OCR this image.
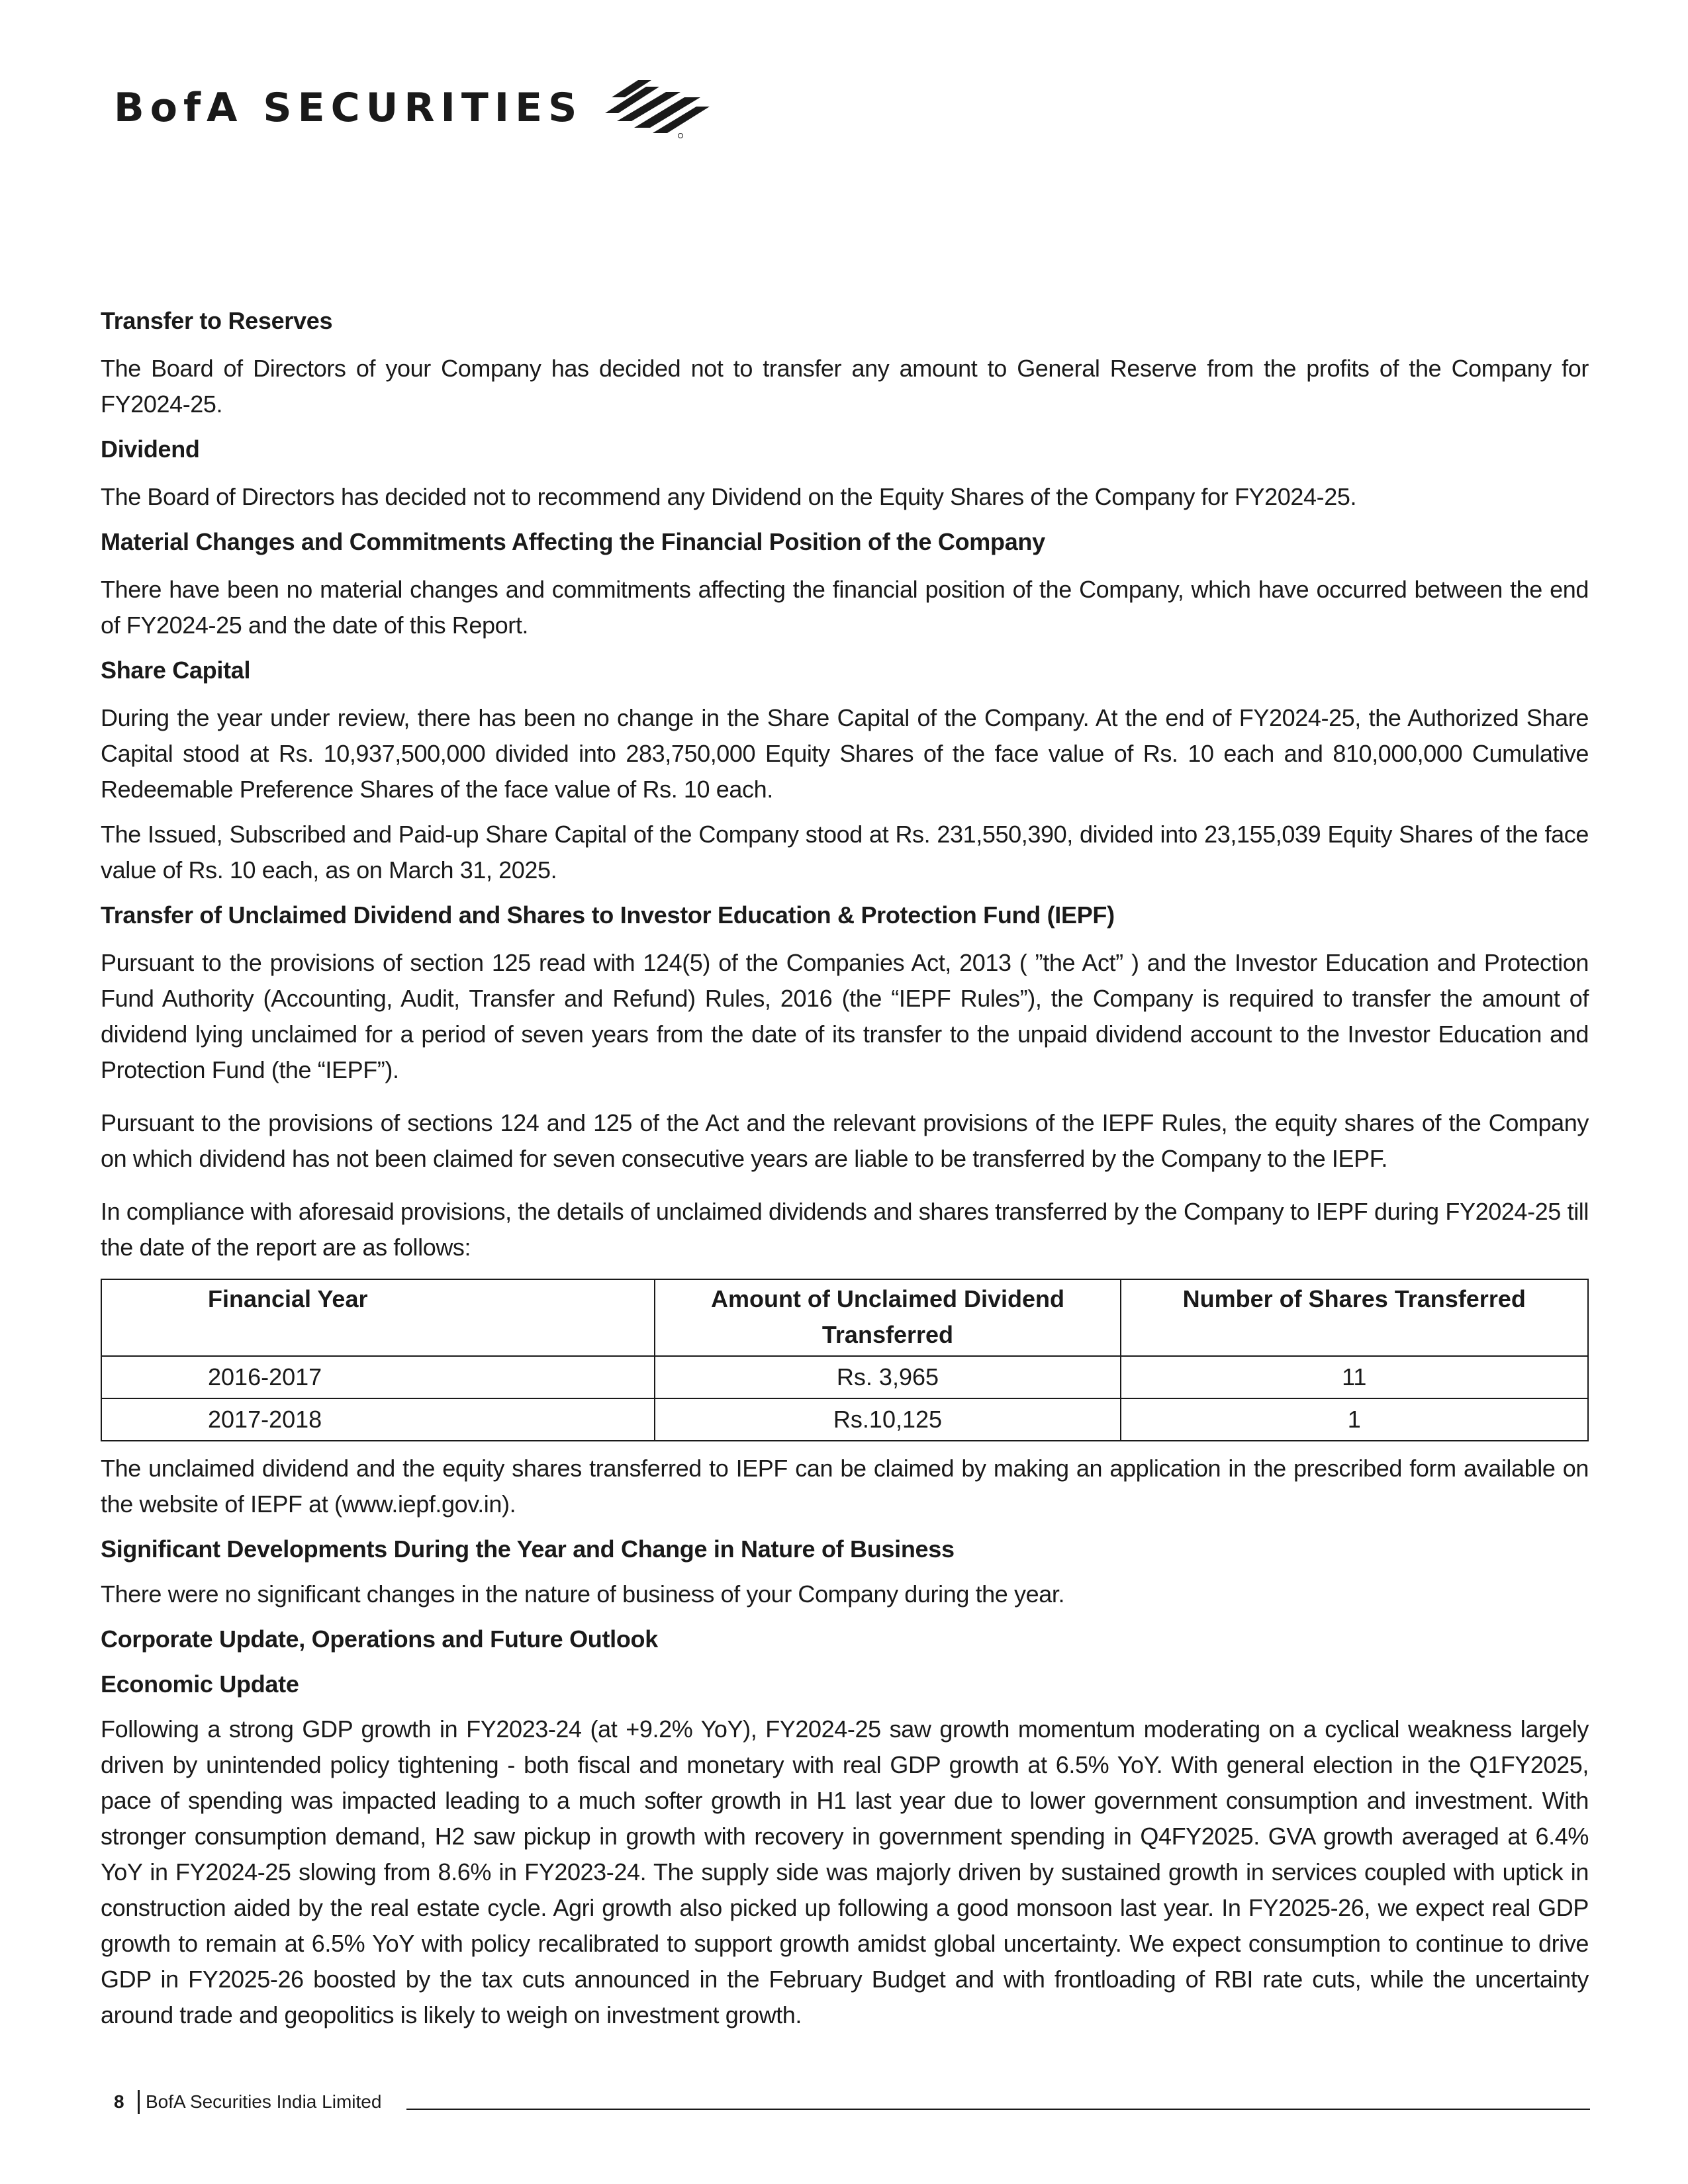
BofA SECURITIES
Transfer to Reserves

The Board of Directors of your Company has decided not to transfer any amount to General Reserve from the profits of the Company for FY2024-25.

Dividend

The Board of Directors has decided not to recommend any Dividend on the Equity Shares of the Company for FY2024-25.

Material Changes and Commitments Affecting the Financial Position of the Company

There have been no material changes and commitments affecting the financial position of the Company, which have occurred between the end of FY2024-25 and the date of this Report.

Share Capital

During the year under review, there has been no change in the Share Capital of the Company. At the end of FY2024-25, the Authorized Share Capital stood at Rs. 10,937,500,000 divided into 283,750,000 Equity Shares of the face value of Rs. 10 each and 810,000,000 Cumulative Redeemable Preference Shares of the face value of Rs. 10 each.

The Issued, Subscribed and Paid-up Share Capital of the Company stood at Rs. 231,550,390, divided into 23,155,039 Equity Shares of the face value of Rs. 10 each, as on March 31, 2025.

Transfer of Unclaimed Dividend and Shares to Investor Education & Protection Fund (IEPF)

Pursuant to the provisions of section 125 read with 124(5) of the Companies Act, 2013 ( ”the Act” ) and the Investor Education and Protection Fund Authority (Accounting, Audit, Transfer and Refund) Rules, 2016 (the “IEPF Rules”), the Company is required to transfer the amount of dividend lying unclaimed for a period of seven years from the date of its transfer to the unpaid dividend account to the Investor Education and Protection Fund (the “IEPF”).

Pursuant to the provisions of sections 124 and 125 of the Act and the relevant provisions of the IEPF Rules, the equity shares of the Company on which dividend has not been claimed for seven consecutive years are liable to be transferred by the Company to the IEPF.

In compliance with aforesaid provisions, the details of unclaimed dividends and shares transferred by the Company to IEPF during FY2024-25 till the date of the report are as follows:

Financial Year	Amount of Unclaimed Dividend Transferred	Number of Shares Transferred
2016-2017	Rs. 3,965	11
2017-2018	Rs.10,125	1

The unclaimed dividend and the equity shares transferred to IEPF can be claimed by making an application in the prescribed form available on the website of IEPF at (www.iepf.gov.in).

Significant Developments During the Year and Change in Nature of Business

There were no significant changes in the nature of business of your Company during the year.

Corporate Update, Operations and Future Outlook
Economic Update

Following a strong GDP growth in FY2023-24 (at +9.2% YoY), FY2024-25 saw growth momentum moderating on a cyclical weakness largely driven by unintended policy tightening - both fiscal and monetary with real GDP growth at 6.5% YoY. With general election in the Q1FY2025, pace of spending was impacted leading to a much softer growth in H1 last year due to lower government consumption and investment. With stronger consumption demand, H2 saw pickup in growth with recovery in government spending in Q4FY2025. GVA growth averaged at 6.4% YoY in FY2024-25 slowing from 8.6% in FY2023-24. The supply side was majorly driven by sustained growth in services coupled with uptick in construction aided by the real estate cycle. Agri growth also picked up following a good monsoon last year. In FY2025-26, we expect real GDP growth to remain at 6.5% YoY with policy recalibrated to support growth amidst global uncertainty. We expect consumption to continue to drive GDP in FY2025-26 boosted by the tax cuts announced in the February Budget and with frontloading of RBI rate cuts, while the uncertainty around trade and geopolitics is likely to weigh on investment growth.

8 BofA Securities India Limited
